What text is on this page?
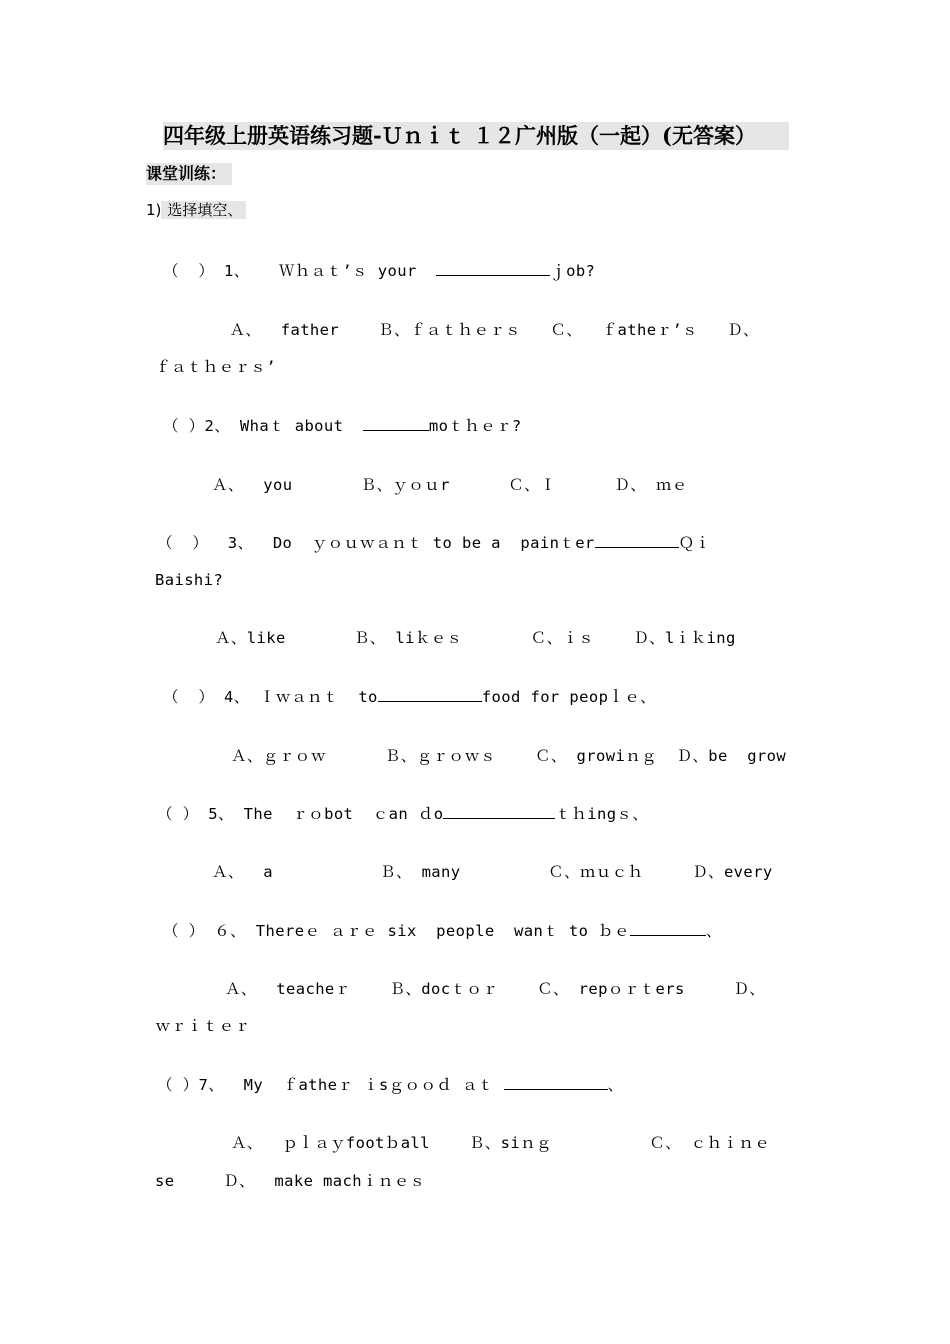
四年级上册英语练习题-Ｕｎｉｔ １２广州版（一起）(无答案）
课堂训练：
1) 选择填空、
（  ） 1、   Ｗｈａｔ’ｓ your	ｊob?
Ａ、  father    Ｂ、ｆａｔｈｅｒｓ   Ｃ、  ｆatheｒ’ｓ   Ｄ、
ｆａｔｈｅｒｓ’
（ ）2、 Whaｔ about	moｔｈｅｒ?
Ａ、  you       Ｂ、ｙｏｕr      Ｃ、Ｉ      Ｄ、 ｍｅ
（  ）  3、  Do  ｙｏｕｗａｎｔ to be a  painｔer	Ｑｉ
Baishi?
Ａ、like       Ｂ、 liｋｅｓ       Ｃ、ｉｓ    Ｄ、lｉｋing
（  ） 4、 Ｉｗａｎｔ  to	food for peopｌｅ、
Ａ、ｇｒｏｗ      Ｂ、ｇｒｏｗｓ    Ｃ、 growiｎｇ  Ｄ、be  grow
（ ） 5、 The  ｒｏbot  ｃan ｄo	ｔｈingｓ、
Ａ、  a           Ｂ、 many         Ｃ、ｍｕｃｈ     Ｄ、every
（ ） ６、 Thereｅ ａｒｅ six  people  wanｔ to ｂｅ	、
Ａ、  teacheｒ    Ｂ、docｔｏｒ    Ｃ、 repｏｒｔers     Ｄ、
ｗｒｉｔｅｒ
（ ）7、  My  ｆatheｒ ｉsｇｏｏｄ ａｔ	、
Ａ、  ｐｌａｙfootｂall    Ｂ、siｎｇ          Ｃ、 ｃｈｉｎｅ
se     Ｄ、  make machｉｎｅｓ
